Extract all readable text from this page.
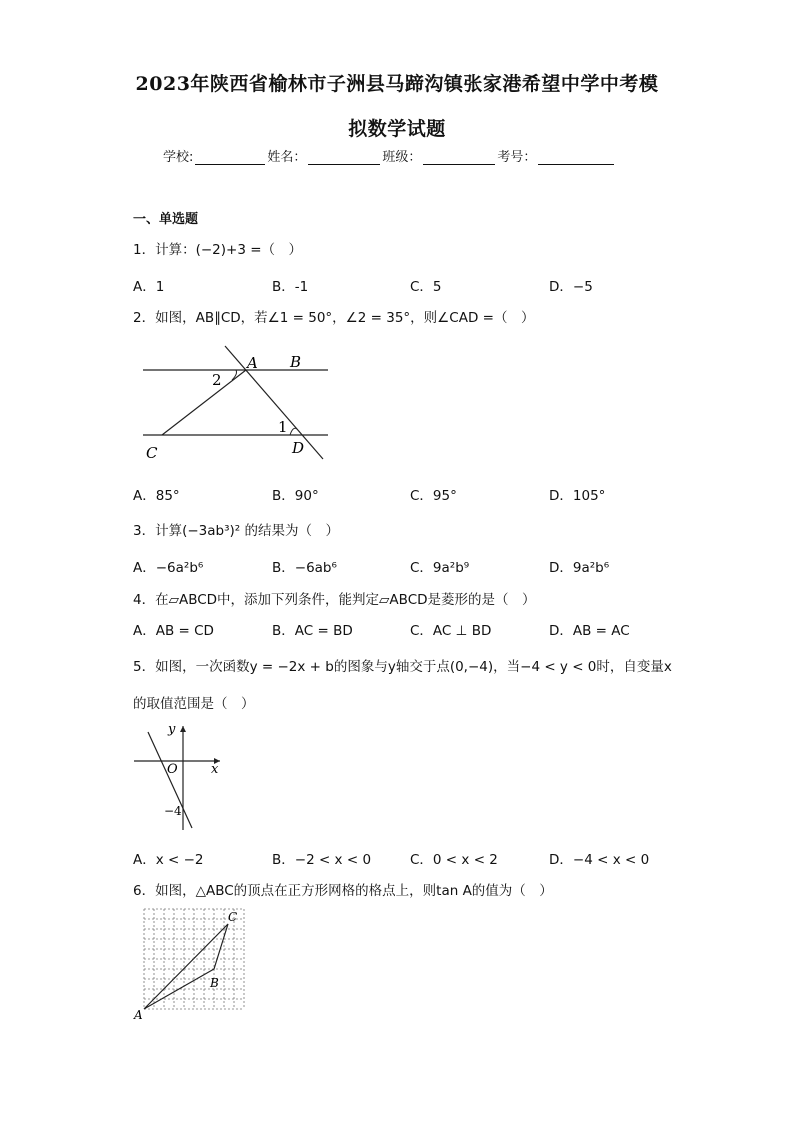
2023年陕西省榆林市子洲县马蹄沟镇张家港希望中学中考模
拟数学试题
学校:	姓名：	班级：	考号：
一、单选题
1．计算：(−2)+3 =（　）
A．1	B．-1	C．5	D．−5
2．如图，AB∥CD，若∠1 = 50°，∠2 = 35°，则∠CAD =（　）
A B
C	D
2
1
A．85°	B．90°	C．95°	D．105°
3．计算(−3ab³)² 的结果为（　）
A．−6a²b⁶	B．−6ab⁶	C．9a²b⁹	D．9a²b⁶
4．在▱ABCD中，添加下列条件，能判定▱ABCD是菱形的是（　）
A．AB = CD	B．AC = BD	C．AC ⊥ BD	D．AB = AC
5．如图，一次函数y = −2x + b的图象与y轴交于点(0,−4)，当−4 < y < 0时，自变量x
的取值范围是（　）
y
x
O
−4
A．x < −2	B．−2 < x < 0	C．0 < x < 2	D．−4 < x < 0
6．如图，△ABC的顶点在正方形网格的格点上，则tan A的值为（　）
A
B
C
